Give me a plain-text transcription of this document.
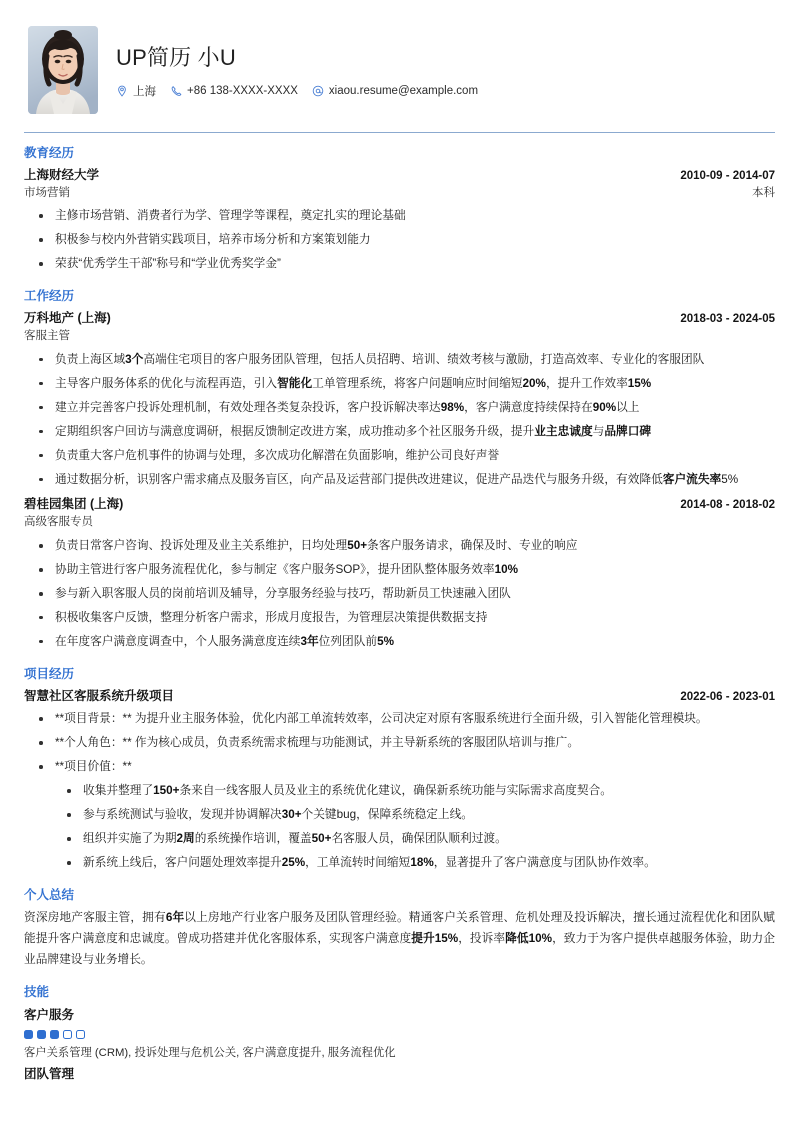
UP简历 小U
上海	+86 138-XXXX-XXXX	xiaou.resume@example.com
教育经历
上海财经大学	2010-09 - 2014-07
市场营销	本科
主修市场营销、消费者行为学、管理学等课程，奠定扎实的理论基础
积极参与校内外营销实践项目，培养市场分析和方案策划能力
荣获“优秀学生干部”称号和“学业优秀奖学金”
工作经历
万科地产 (上海)	2018-03 - 2024-05
客服主管
负责上海区域3个高端住宅项目的客户服务团队管理，包括人员招聘、培训、绩效考核与激励，打造高效率、专业化的客服团队
主导客户服务体系的优化与流程再造，引入智能化工单管理系统，将客户问题响应时间缩短20%，提升工作效率15%
建立并完善客户投诉处理机制，有效处理各类复杂投诉，客户投诉解决率达98%，客户满意度持续保持在90%以上
定期组织客户回访与满意度调研，根据反馈制定改进方案，成功推动多个社区服务升级，提升业主忠诚度与品牌口碑
负责重大客户危机事件的协调与处理，多次成功化解潜在负面影响，维护公司良好声誉
通过数据分析，识别客户需求痛点及服务盲区，向产品及运营部门提供改进建议，促进产品迭代与服务升级，有效降低客户流失率5%
碧桂园集团 (上海)	2014-08 - 2018-02
高级客服专员
负责日常客户咨询、投诉处理及业主关系维护，日均处理50+条客户服务请求，确保及时、专业的响应
协助主管进行客户服务流程优化，参与制定《客户服务SOP》，提升团队整体服务效率10%
参与新入职客服人员的岗前培训及辅导，分享服务经验与技巧，帮助新员工快速融入团队
积极收集客户反馈，整理分析客户需求，形成月度报告，为管理层决策提供数据支持
在年度客户满意度调查中，个人服务满意度连续3年位列团队前5%
项目经历
智慧社区客服系统升级项目	2022-06 - 2023-01
**项目背景：** 为提升业主服务体验，优化内部工单流转效率，公司决定对原有客服系统进行全面升级，引入智能化管理模块。
**个人角色：** 作为核心成员，负责系统需求梳理与功能测试，并主导新系统的客服团队培训与推广。
**项目价值：**
收集并整理了150+条来自一线客服人员及业主的系统优化建议，确保新系统功能与实际需求高度契合。
参与系统测试与验收，发现并协调解决30+个关键bug，保障系统稳定上线。
组织并实施了为期2周的系统操作培训，覆盖50+名客服人员，确保团队顺利过渡。
新系统上线后，客户问题处理效率提升25%，工单流转时间缩短18%，显著提升了客户满意度与团队协作效率。
个人总结
资深房地产客服主管，拥有6年以上房地产行业客户服务及团队管理经验。精通客户关系管理、危机处理及投诉解决，擅长通过流程优化和团队赋能提升客户满意度和忠诚度。曾成功搭建并优化客服体系，实现客户满意度提升15%，投诉率降低10%，致力于为客户提供卓越服务体验，助力企业品牌建设与业务增长。
技能
客户服务
客户关系管理 (CRM), 投诉处理与危机公关, 客户满意度提升, 服务流程优化
团队管理
